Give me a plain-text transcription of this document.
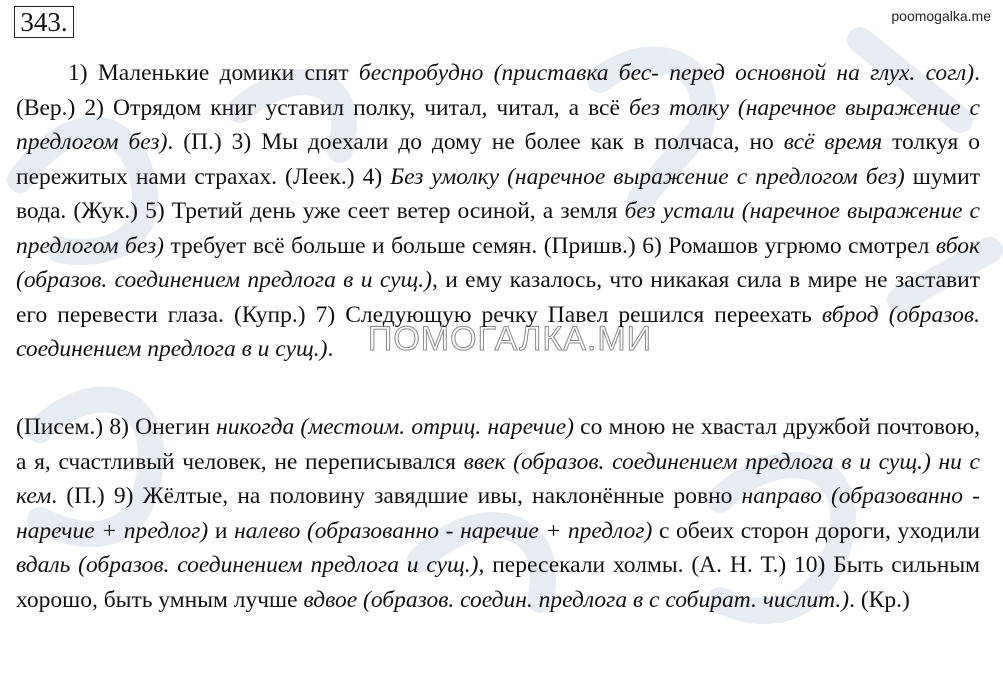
343.	poomogalka.me
ПОМОГАЛКА.МИ
1) Маленькие домики спят беспробудно (приставка бес- перед основной на глух. согл). (Вер.) 2) Отрядом книг уставил полку, читал, читал, а всё без толку (наречное выражение с предлогом без). (П.) 3) Мы доехали до дому не более как в полчаса, но всё время толкуя о пережитых нами страхах. (Леек.) 4) Без умолку (наречное выражение с предлогом без) шумит вода. (Жук.) 5) Третий день уже сеет ветер осиной, а земля без устали (наречное выражение с предлогом без) требует всё больше и больше семян. (Пришв.) 6) Ромашов угрюмо смотрел вбок (образов. соединением предлога в и сущ.), и ему казалось, что никакая сила в мире не заставит его перевести глаза. (Купр.) 7) Следующую речку Павел решился переехать вброд (образов. соединением предлога в и сущ.).
(Писем.) 8) Онегин никогда (местоим. отриц. наречие) со мною не хвастал дружбой почтовою, а я, счастливый человек, не переписывался ввек (образов. соединением предлога в и сущ.) ни с кем. (П.) 9) Жёлтые, на половину завядшие ивы, наклонённые ровно направо (образованно - наречие + предлог) и налево (образованно - наречие + предлог) с обеих сторон дороги, уходили вдаль (образов. соединением предлога и сущ.), пересекали холмы. (А. Н. Т.) 10) Быть сильным хорошо, быть умным лучше вдвое (образов. соедин. предлога в с собират. числит.). (Кр.)
